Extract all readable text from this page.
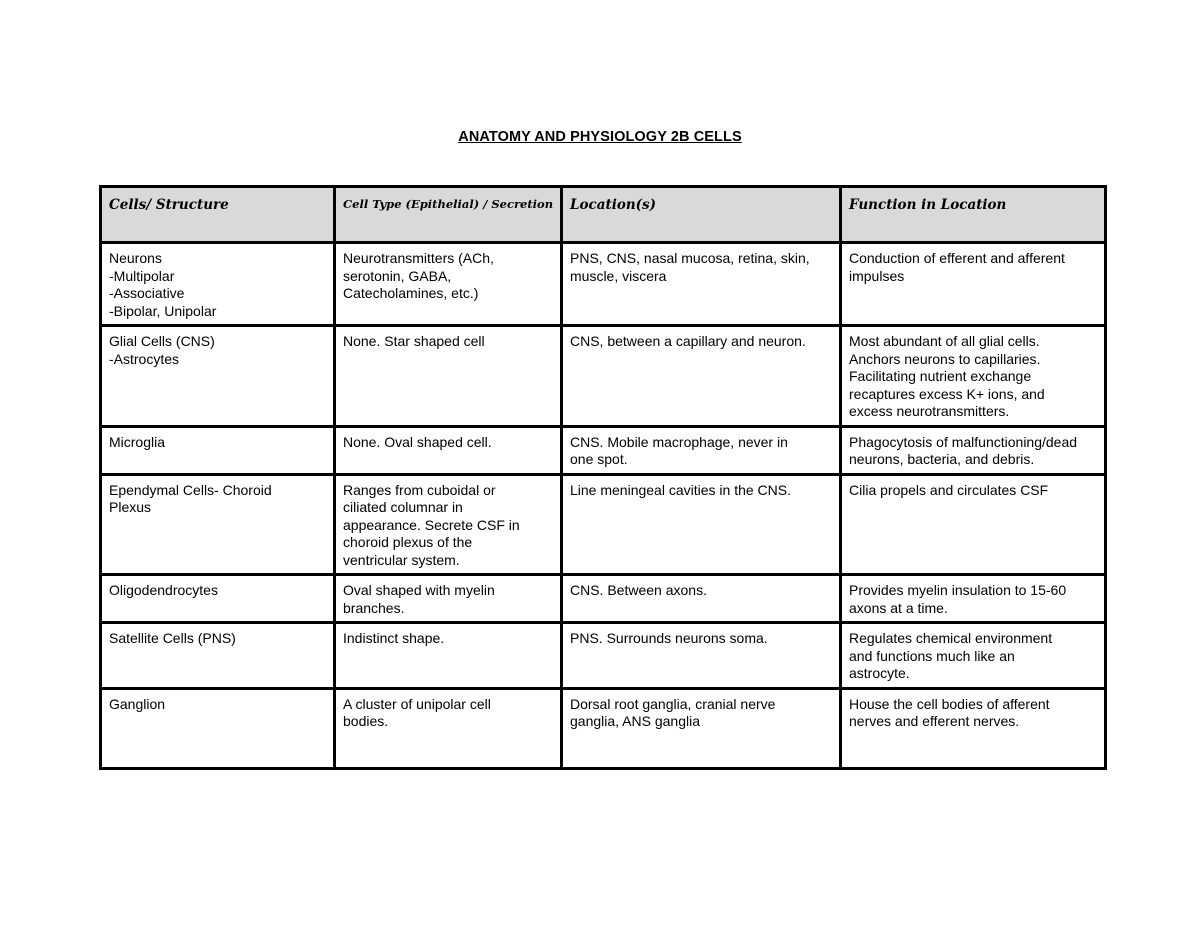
ANATOMY AND PHYSIOLOGY 2B CELLS
Cells/ Structure	Cell Type (Epithelial) / Secretion	Location(s)	Function in Location
Neurons
-Multipolar
-Associative
-Bipolar, Unipolar	Neurotransmitters (ACh,
serotonin, GABA,
Catecholamines, etc.)	PNS, CNS, nasal mucosa, retina, skin,
muscle, viscera	Conduction of efferent and afferent
impulses
Glial Cells (CNS)
-Astrocytes	None. Star shaped cell	CNS, between a capillary and neuron.	Most abundant of all glial cells.
Anchors neurons to capillaries.
Facilitating nutrient exchange
recaptures excess K+ ions, and
excess neurotransmitters.
Microglia	None. Oval shaped cell.	CNS. Mobile macrophage, never in
one spot.	Phagocytosis of malfunctioning/dead
neurons, bacteria, and debris.
Ependymal Cells- Choroid
Plexus	Ranges from cuboidal or
ciliated columnar in
appearance. Secrete CSF in
choroid plexus of the
ventricular system.	Line meningeal cavities in the CNS.	Cilia propels and circulates CSF
Oligodendrocytes	Oval shaped with myelin
branches.	CNS. Between axons.	Provides myelin insulation to 15-60
axons at a time.
Satellite Cells (PNS)	Indistinct shape.	PNS. Surrounds neurons soma.	Regulates chemical environment
and functions much like an
astrocyte.
Ganglion	A cluster of unipolar cell
bodies.	Dorsal root ganglia, cranial nerve
ganglia, ANS ganglia	House the cell bodies of afferent
nerves and efferent nerves.
